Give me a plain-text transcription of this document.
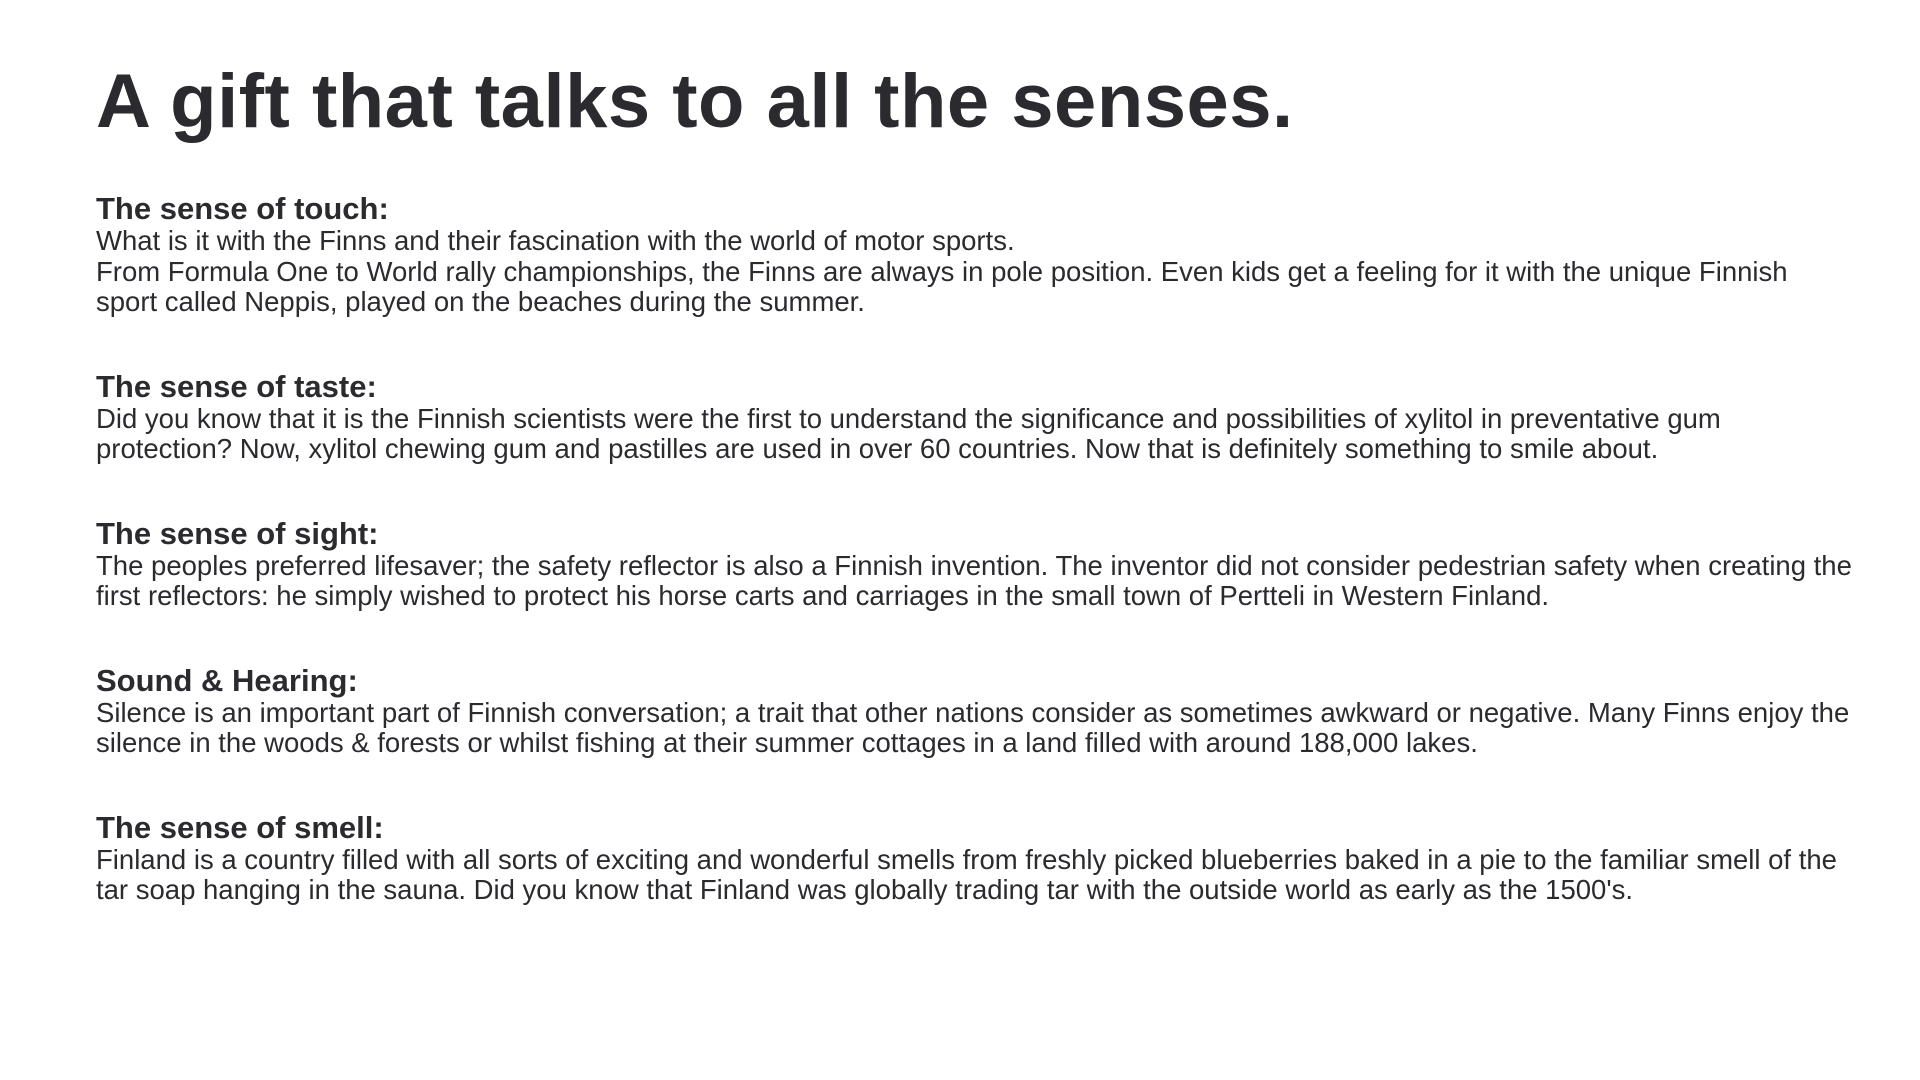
A gift that talks to all the senses.
The sense of touch:

What is it with the Finns and their fascination with the world of motor sports.
From Formula One to World rally championships, the Finns are always in pole position. Even kids get a feeling for it with the unique Finnish sport called Neppis, played on the beaches during the summer.

The sense of taste:

Did you know that it is the Finnish scientists were the first to understand the significance and possibilities of xylitol in preventative gum protection? Now, xylitol chewing gum and pastilles are used in over 60 countries. Now that is definitely something to smile about.

The sense of sight:

The peoples preferred lifesaver; the safety reflector is also a Finnish invention. The inventor did not consider pedestrian safety when creating the first reflectors: he simply wished to protect his horse carts and carriages in the small town of Pertteli in Western Finland.

Sound & Hearing:

Silence is an important part of Finnish conversation; a trait that other nations consider as sometimes awkward or negative. Many Finns enjoy the silence in the woods & forests or whilst fishing at their summer cottages in a land filled with around 188,000 lakes.

The sense of smell:

Finland is a country filled with all sorts of exciting and wonderful smells from freshly picked blueberries baked in a pie to the familiar smell of the tar soap hanging in the sauna. Did you know that Finland was globally trading tar with the outside world as early as the 1500's.
